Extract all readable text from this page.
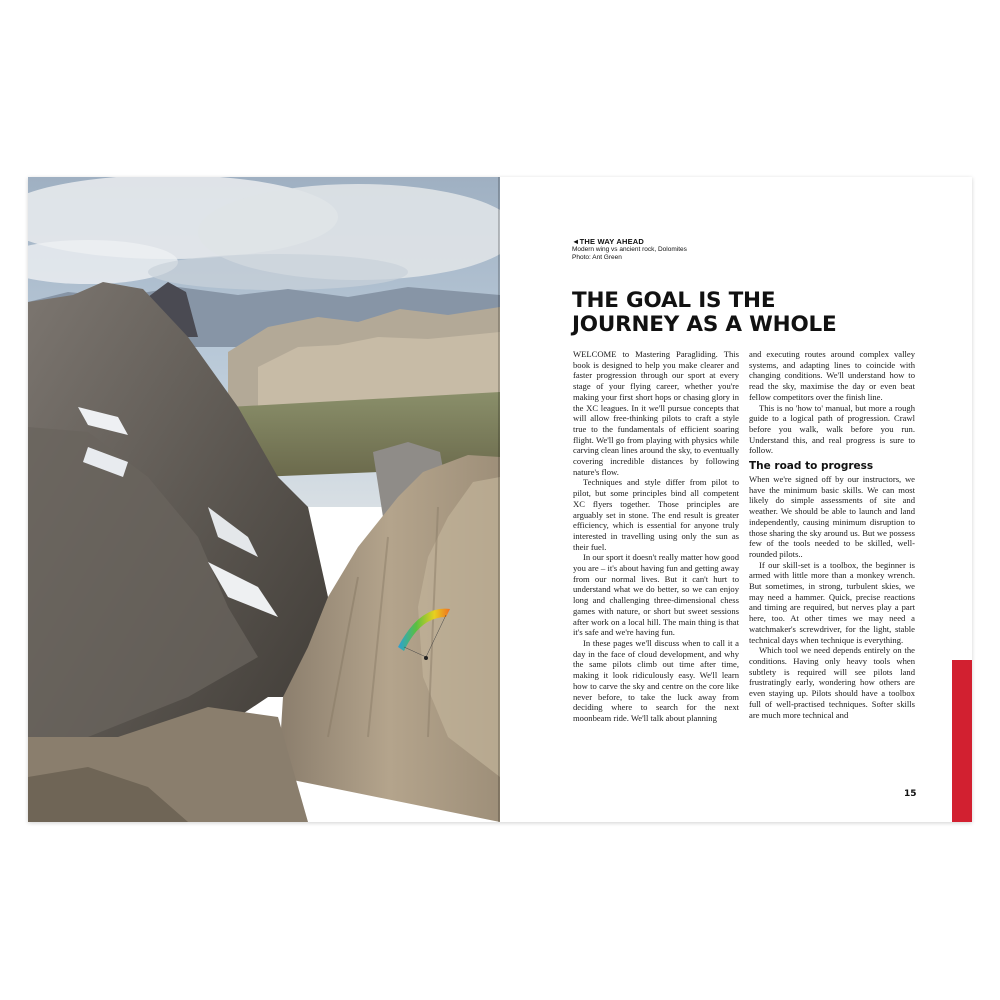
◄THE WAY AHEAD
Modern wing vs ancient rock, Dolomites
Photo: Ant Green
THE GOAL IS THE
JOURNEY AS A WHOLE

WELCOME to Mastering Paragliding. This book is designed to help you make clearer and faster progression through our sport at every stage of your flying career, whether you're making your first short hops or chasing glory in the XC leagues. In it we'll pursue concepts that will allow free-thinking pilots to craft a style true to the fundamentals of efficient soaring flight. We'll go from playing with physics while carving clean lines around the sky, to eventually covering incredible distances by following nature's flow.

Techniques and style differ from pilot to pilot, but some principles bind all competent XC flyers together. Those principles are arguably set in stone. The end result is greater efficiency, which is essential for anyone truly interested in travelling using only the sun as their fuel.

In our sport it doesn't really matter how good you are – it's about having fun and getting away from our normal lives. But it can't hurt to understand what we do better, so we can enjoy long and challenging three-dimensional chess games with nature, or short but sweet sessions after work on a local hill. The main thing is that it's safe and we're having fun.

In these pages we'll discuss when to call it a day in the face of cloud development, and why the same pilots climb out time after time, making it look ridiculously easy. We'll learn how to carve the sky and centre on the core like never before, to take the luck away from deciding where to search for the next moonbeam ride. We'll talk about planning

and executing routes around complex valley systems, and adapting lines to coincide with changing conditions. We'll understand how to read the sky, maximise the day or even beat fellow competitors over the finish line.

This is no 'how to' manual, but more a rough guide to a logical path of progression. Crawl before you walk, walk before you run. Understand this, and real progress is sure to follow.

The road to progress

When we're signed off by our instructors, we have the minimum basic skills. We can most likely do simple assessments of site and weather. We should be able to launch and land independently, causing minimum disruption to those sharing the sky around us. But we possess few of the tools needed to be skilled, well-rounded pilots..

If our skill-set is a toolbox, the beginner is armed with little more than a monkey wrench. But sometimes, in strong, turbulent skies, we may need a hammer. Quick, precise reactions and timing are required, but nerves play a part here, too. At other times we may need a watchmaker's screwdriver, for the light, stable technical days when technique is everything.

Which tool we need depends entirely on the conditions. Having only heavy tools when subtlety is required will see pilots land frustratingly early, wondering how others are even staying up. Pilots should have a toolbox full of well-practised techniques. Softer skills are much more technical and

15
